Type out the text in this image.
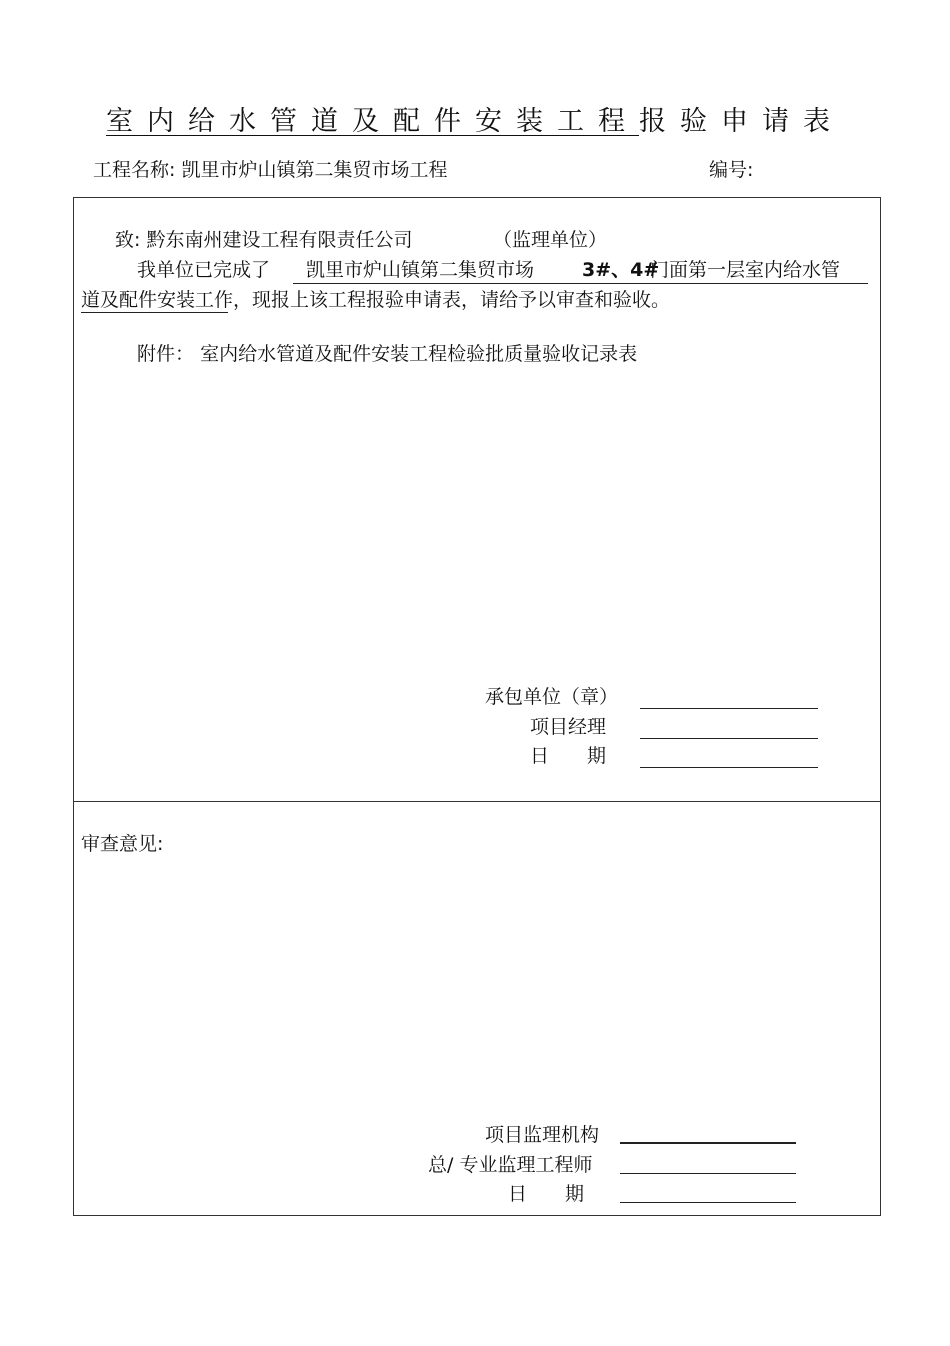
室内给水管道及配件安装工程报验申请表
工程名称: 凯里市炉山镇第二集贸市场工程	编号:
致: 黔东南州建设工程有限责任公司	（监理单位）
我单位已完成了 凯里市炉山镇第二集贸市场	3#、4#
门面第一层室内给水管
道及配件安装工作，现报上该工程报验申请表，请给予以审查和验收。
附件： 室内给水管道及配件安装工程检验批质量验收记录表
承包单位（章）
项目经理
日　　期
审查意见:
项目监理机构
总/ 专业监理工程师
日　　期
